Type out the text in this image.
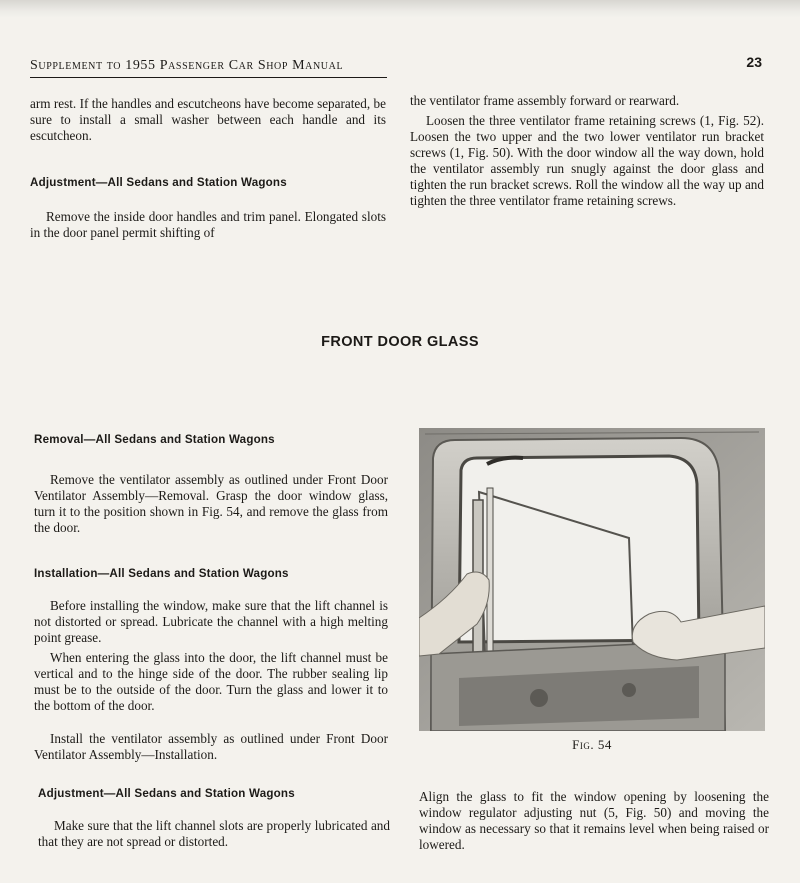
Supplement to 1955 Passenger Car Shop Manual	23

arm rest. If the handles and escutcheons have become separated, be sure to install a small washer between each handle and its escutcheon.

Adjustment—All Sedans and Station Wagons

Remove the inside door handles and trim panel. Elongated slots in the door panel permit shifting of

the ventilator frame assembly forward or rearward.

Loosen the three ventilator frame retaining screws (1, Fig. 52). Loosen the two upper and the two lower ventilator run bracket screws (1, Fig. 50). With the door window all the way down, hold the ventilator assembly run snugly against the door glass and tighten the run bracket screws. Roll the window all the way up and tighten the three ventilator frame retaining screws.

FRONT DOOR GLASS
Removal—All Sedans and Station Wagons

Remove the ventilator assembly as outlined under Front Door Ventilator Assembly—Removal. Grasp the door window glass, turn it to the position shown in Fig. 54, and remove the glass from the door.

Installation—All Sedans and Station Wagons

Before installing the window, make sure that the lift channel is not distorted or spread. Lubricate the channel with a high melting point grease.

When entering the glass into the door, the lift channel must be vertical and to the hinge side of the door. The rubber sealing lip must be to the outside of the door. Turn the glass and lower it to the bottom of the door.

Install the ventilator assembly as outlined under Front Door Ventilator Assembly—Installation.

Adjustment—All Sedans and Station Wagons

Make sure that the lift channel slots are properly lubricated and that they are not spread or distorted.

Fig. 54

Align the glass to fit the window opening by loosening the window regulator adjusting nut (5, Fig. 50) and moving the window as necessary so that it remains level when being raised or lowered.
